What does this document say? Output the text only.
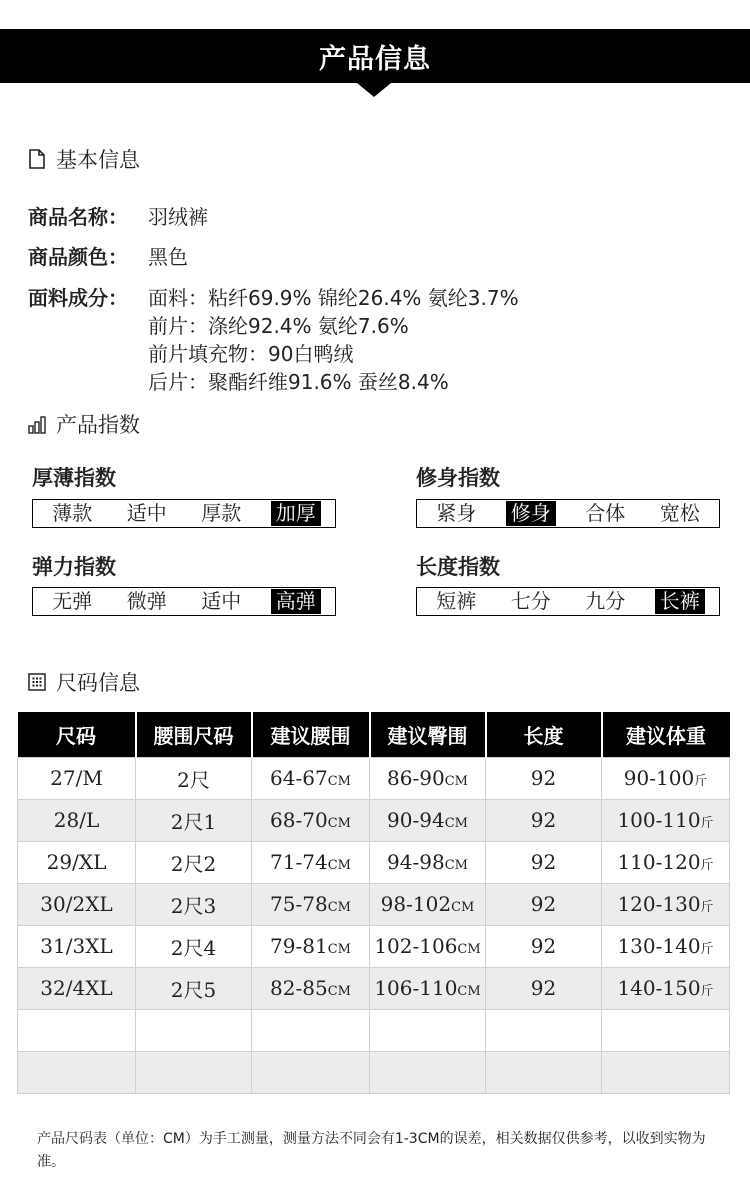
产品信息
基本信息
商品名称：	羽绒裤
商品颜色：	黑色
面料成分：	面料：粘纤69.9% 锦纶26.4% 氨纶3.7%
前片：涤纶92.4% 氨纶7.6%
前片填充物：90白鸭绒
后片：聚酯纤维91.6% 蚕丝8.4%
产品指数
厚薄指数
薄款 适中 厚款 加厚
修身指数
紧身 修身 合体 宽松
弹力指数
无弹 微弹 适中 高弹
长度指数
短裤 七分 九分 长裤
尺码信息
尺码	腰围尺码	建议腰围	建议臀围	长度	建议体重
27/M	2尺	64-67CM	86-90CM	92	90-100斤
28/L	2尺1	68-70CM	90-94CM	92	100-110斤
29/XL	2尺2	71-74CM	94-98CM	92	110-120斤
30/2XL	2尺3	75-78CM	98-102CM	92	120-130斤
31/3XL	2尺4	79-81CM	102-106CM	92	130-140斤
32/4XL	2尺5	82-85CM	106-110CM	92	140-150斤

产品尺码表（单位：CM）为手工测量，测量方法不同会有1-3CM的误差，相关数据仅供参考，以收到实物为准。
